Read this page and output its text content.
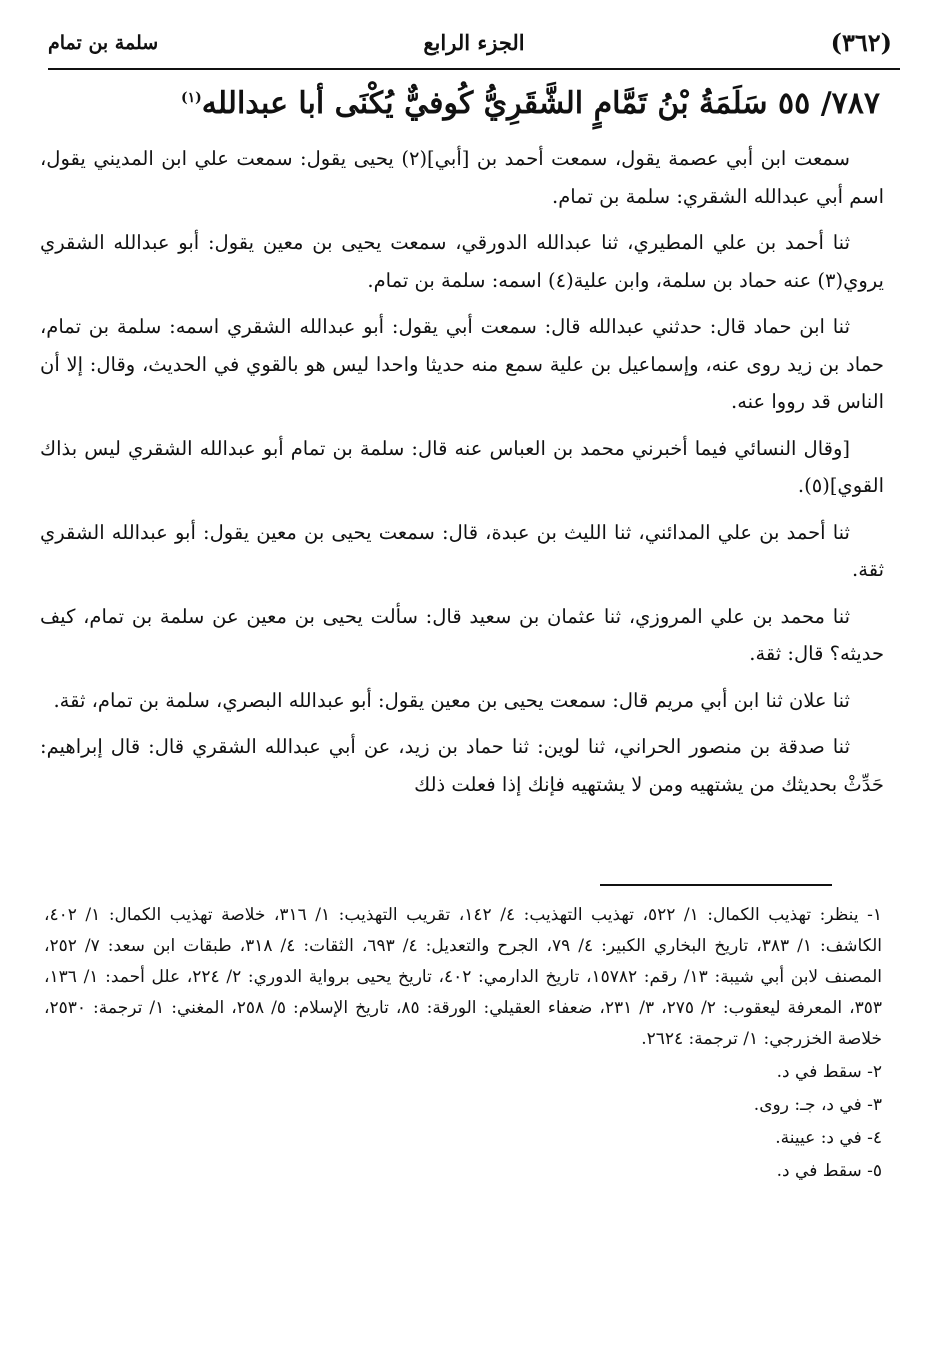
(٣٦٢)
الجزء الرابع
سلمة بن تمام
٧٨٧/ ٥٥ سَلَمَةُ بْنُ تَمَّامٍ الشَّقَرِيُّ كُوفيٌّ يُكْنَى أبا عبدالله$^{(١)}$

سمعت ابن أبي عصمة يقول، سمعت أحمد بن [أبي](٢) يحيى يقول: سمعت علي ابن المديني يقول، اسم أبي عبدالله الشقري: سلمة بن تمام.

ثنا أحمد بن علي المطيري، ثنا عبدالله الدورقي، سمعت يحيى بن معين يقول: أبو عبدالله الشقري يروي(٣) عنه حماد بن سلمة، وابن علية(٤) اسمه: سلمة بن تمام.

ثنا ابن حماد قال: حدثني عبدالله قال: سمعت أبي يقول: أبو عبدالله الشقري اسمه: سلمة بن تمام، حماد بن زيد روى عنه، وإسماعيل بن علية سمع منه حديثا واحدا ليس هو بالقوي في الحديث، وقال: إلا أن الناس قد رووا عنه.

[وقال النسائي فيما أخبرني محمد بن العباس عنه قال: سلمة بن تمام أبو عبدالله الشقري ليس بذاك القوي](٥).

ثنا أحمد بن علي المدائني، ثنا الليث بن عبدة، قال: سمعت يحيى بن معين يقول: أبو عبدالله الشقري ثقة.

ثنا محمد بن علي المروزي، ثنا عثمان بن سعيد قال: سألت يحيى بن معين عن سلمة بن تمام، كيف حديثه؟ قال: ثقة.

ثنا علان ثنا ابن أبي مريم قال: سمعت يحيى بن معين يقول: أبو عبدالله البصري، سلمة بن تمام، ثقة.

ثنا صدقة بن منصور الحراني، ثنا لوين: ثنا حماد بن زيد، عن أبي عبدالله الشقري قال: قال إبراهيم: حَدِّثْ بحديثك من يشتهيه ومن لا يشتهيه فإنك إذا فعلت ذلك

١- ينظر: تهذيب الكمال: ١/ ٥٢٢، تهذيب التهذيب: ٤/ ١٤٢، تقريب التهذيب: ١/ ٣١٦، خلاصة تهذيب الكمال: ١/ ٤٠٢، الكاشف: ١/ ٣٨٣، تاريخ البخاري الكبير: ٤/ ٧٩، الجرح والتعديل: ٤/ ٦٩٣، الثقات: ٤/ ٣١٨، طبقات ابن سعد: ٧/ ٢٥٢، المصنف لابن أبي شيبة: ١٣/ رقم: ١٥٧٨٢، تاريخ الدارمي: ٤٠٢، تاريخ يحيى برواية الدوري: ٢/ ٢٢٤، علل أحمد: ١/ ١٣٦، ٣٥٣، المعرفة ليعقوب: ٢/ ٢٧٥، ٣/ ٢٣١، ضعفاء العقيلي: الورقة: ٨٥، تاريخ الإسلام: ٥/ ٢٥٨، المغني: ١/ ترجمة: ٢٥٣٠، خلاصة الخزرجي: ١/ ترجمة: ٢٦٢٤.

٢- سقط في د.

٣- في د، جـ: روى.

٤- في د: عيينة.

٥- سقط في د.
